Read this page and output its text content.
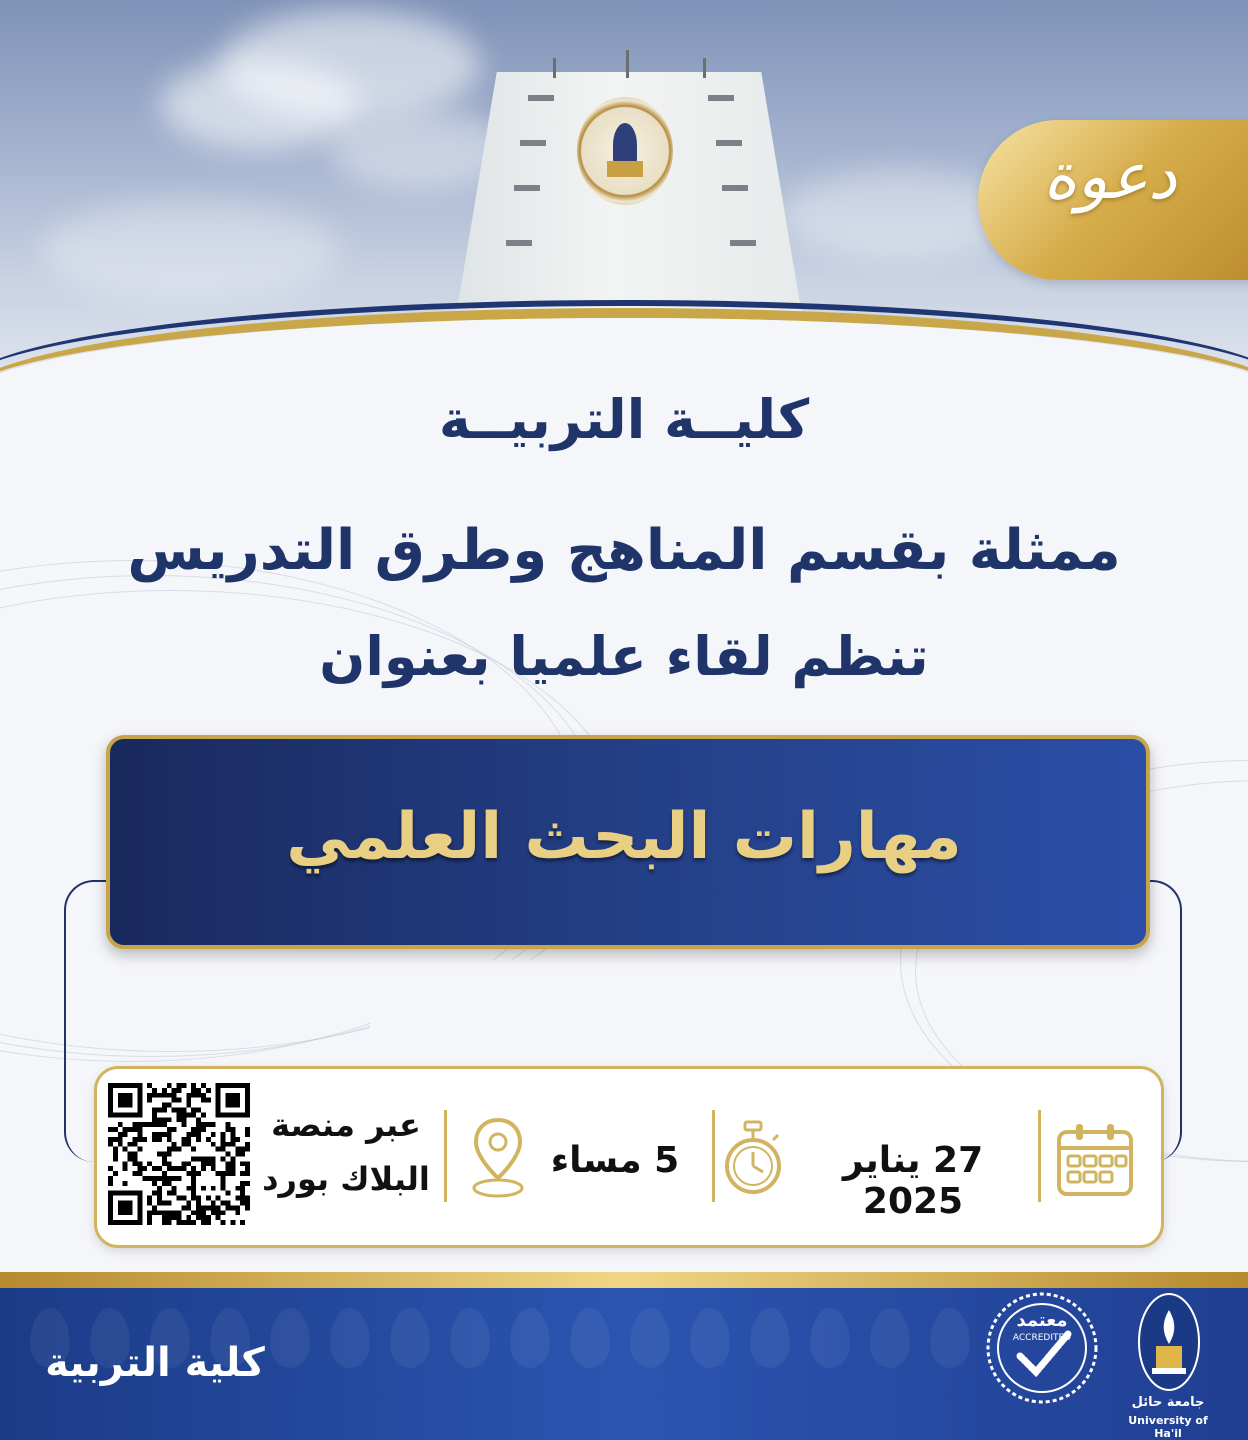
دعوة
كليــة التربيــة
ممثلة بقسم المناهج وطرق التدريس
تنظم لقاء علميا بعنوان
مهارات البحث العلمي
27 يناير 2025
5 مساء
عبر منصة
البلاك بورد
كلية التربية
معتمد
ACCREDITED
جامعة حائل
University of Ha'il
